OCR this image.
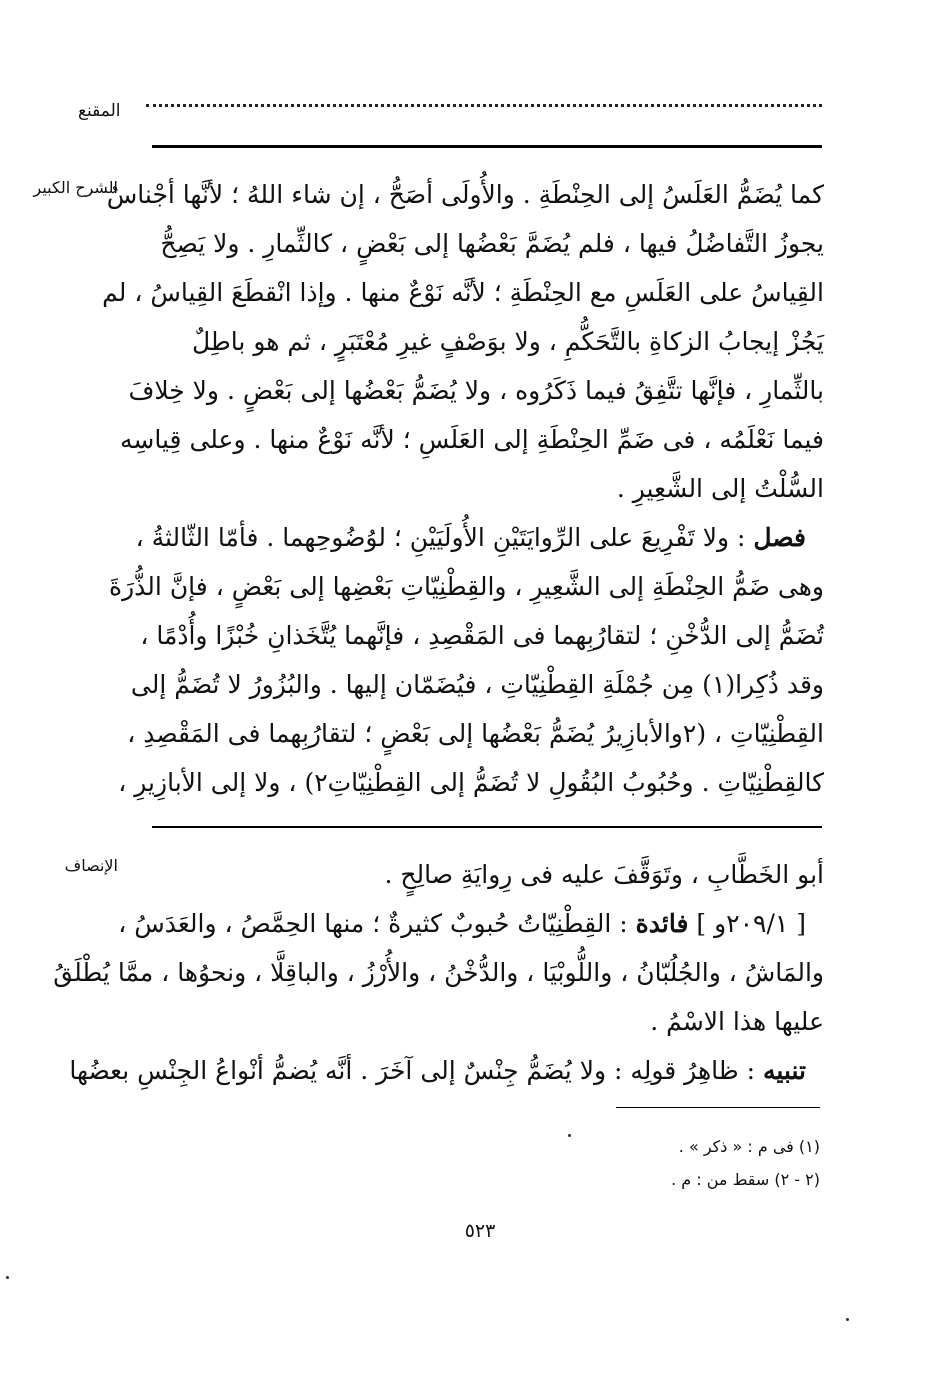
المقنع
الشرح الكبير
كما يُضَمُّ العَلَسُ إلى الحِنْطَةِ . والأُولَى أصَحُّ ، إن شاء اللهُ ؛ لأنَّها أجْناسٌ
يجوزُ التَّفاضُلُ فيها ، فلم يُضَمَّ بَعْضُها إلى بَعْضٍ ، كالثِّمارِ . ولا يَصِحُّ
القِياسُ على العَلَسِ مع الحِنْطَةِ ؛ لأنَّه نَوْعٌ منها . وإذا انْقطَعَ القِياسُ ، لم
يَجُزْ إيجابُ الزكاةِ بالتَّحَكُّمِ ، ولا بوَصْفٍ غيرِ مُعْتَبَرٍ ، ثم هو باطِلٌ
بالثِّمارِ ، فإنَّها تتَّفِقُ فيما ذَكَرُوه ، ولا يُضَمُّ بَعْضُها إلى بَعْضٍ . ولا خِلافَ
فيما نَعْلَمُه ، فى ضَمِّ الحِنْطَةِ إلى العَلَسِ ؛ لأنَّه نَوْعٌ منها . وعلى قِياسِه
السُّلْتُ إلى الشَّعِيرِ .
فصل : ولا تَفْرِيعَ على الرِّوايَتَيْنِ الأُولَيَيْنِ ؛ لوُضُوحِهما . فأمّا الثّالثةُ ،
وهى ضَمُّ الحِنْطَةِ إلى الشَّعِيرِ ، والقِطْنِيّاتِ بَعْضِها إلى بَعْضٍ ، فإنَّ الذُّرَةَ
تُضَمُّ إلى الدُّخْنِ ؛ لتقارُبِهما فى المَقْصِدِ ، فإنَّهما يُتَّخَذانِ خُبْزًا وأُدْمًا ،
وقد ذُكِرا(١) مِن جُمْلَةِ القِطْنِيّاتِ ، فيُضَمّان إليها . والبُزُورُ لا تُضَمُّ إلى
القِطْنِيّاتِ ، (٢والأبازِيرُ يُضَمُّ بَعْضُها إلى بَعْضٍ ؛ لتقارُبِهما فى المَقْصِدِ ،
كالقِطْنِيّاتِ . وحُبُوبُ البُقُولِ لا تُضَمُّ إلى القِطْنِيّاتِ٢) ، ولا إلى الأبازِيرِ ،
الإنصاف	أبو الخَطَّابِ ، وتَوَقَّفَ عليه فى رِوايَةِ صالِحٍ .
[ ٢٠٩/١و ] فائدة : القِطْنِيّاتُ حُبوبٌ كثيرةٌ ؛ منها الحِمَّصُ ، والعَدَسُ ،
والمَاشُ ، والجُلُبّانُ ، واللُّوبْيَا ، والدُّخْنُ ، والأُرْزُ ، والباقِلَّا ، ونحوُها ، ممَّا يُطْلَقُ
عليها هذا الاسْمُ .
تنبيه : ظاهِرُ قولِه : ولا يُضَمُّ جِنْسٌ إلى آخَرَ . أنَّه يُضمُّ أنْواعُ الجِنْسِ بعضُها
(١) فى م : « ذكر » .
(٢ - ٢) سقط من : م .
٥٢٣
